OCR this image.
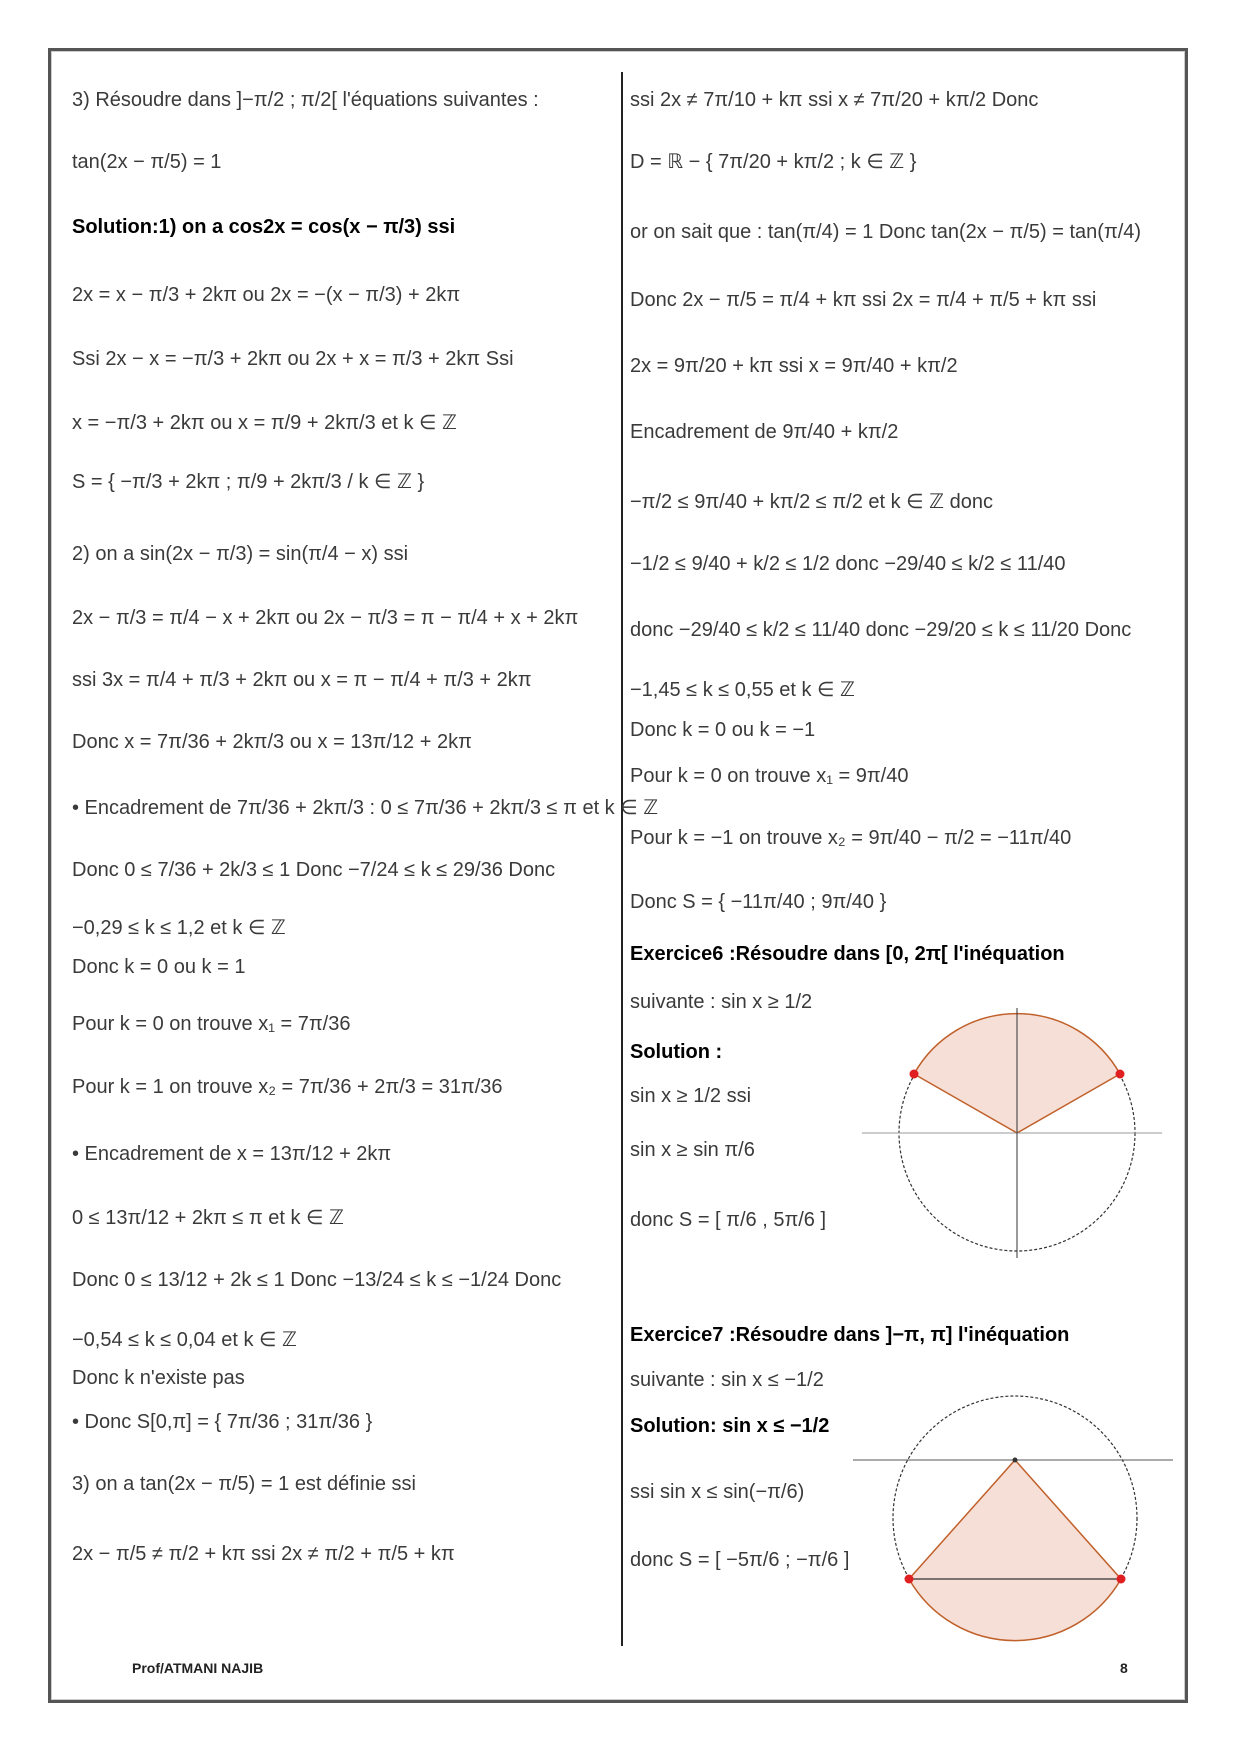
3) Résoudre dans ]−π/2 ; π/2[ l'équations suivantes :
tan(2x − π/5) = 1
Solution:1) on a cos2x = cos(x − π/3) ssi
2x = x − π/3 + 2kπ ou 2x = −(x − π/3) + 2kπ
Ssi 2x − x = −π/3 + 2kπ ou 2x + x = π/3 + 2kπ Ssi
x = −π/3 + 2kπ ou x = π/9 + 2kπ/3 et k ∈ ℤ
S = { −π/3 + 2kπ ; π/9 + 2kπ/3 / k ∈ ℤ }
2) on a sin(2x − π/3) = sin(π/4 − x) ssi
2x − π/3 = π/4 − x + 2kπ ou 2x − π/3 = π − π/4 + x + 2kπ
ssi 3x = π/4 + π/3 + 2kπ ou x = π − π/4 + π/3 + 2kπ
Donc x = 7π/36 + 2kπ/3 ou x = 13π/12 + 2kπ
• Encadrement de 7π/36 + 2kπ/3 : 0 ≤ 7π/36 + 2kπ/3 ≤ π et k ∈ ℤ
Donc 0 ≤ 7/36 + 2k/3 ≤ 1 Donc −7/24 ≤ k ≤ 29/36 Donc
−0,29 ≤ k ≤ 1,2 et k ∈ ℤ
Donc k = 0 ou k = 1
Pour k = 0 on trouve x₁ = 7π/36
Pour k = 1 on trouve x₂ = 7π/36 + 2π/3 = 31π/36
• Encadrement de x = 13π/12 + 2kπ
0 ≤ 13π/12 + 2kπ ≤ π et k ∈ ℤ
Donc 0 ≤ 13/12 + 2k ≤ 1 Donc −13/24 ≤ k ≤ −1/24 Donc
−0,54 ≤ k ≤ 0,04 et k ∈ ℤ
Donc k n'existe pas
• Donc S[0,π] = { 7π/36 ; 31π/36 }
3) on a tan(2x − π/5) = 1 est définie ssi
2x − π/5 ≠ π/2 + kπ ssi 2x ≠ π/2 + π/5 + kπ
ssi 2x ≠ 7π/10 + kπ ssi x ≠ 7π/20 + kπ/2 Donc
D = ℝ − { 7π/20 + kπ/2 ; k ∈ ℤ }
or on sait que : tan(π/4) = 1 Donc tan(2x − π/5) = tan(π/4)
Donc 2x − π/5 = π/4 + kπ ssi 2x = π/4 + π/5 + kπ ssi
2x = 9π/20 + kπ ssi x = 9π/40 + kπ/2
Encadrement de 9π/40 + kπ/2
−π/2 ≤ 9π/40 + kπ/2 ≤ π/2 et k ∈ ℤ donc
−1/2 ≤ 9/40 + k/2 ≤ 1/2 donc −29/40 ≤ k/2 ≤ 11/40
donc −29/40 ≤ k/2 ≤ 11/40 donc −29/20 ≤ k ≤ 11/20 Donc
−1,45 ≤ k ≤ 0,55 et k ∈ ℤ
Donc k = 0 ou k = −1
Pour k = 0 on trouve x₁ = 9π/40
Pour k = −1 on trouve x₂ = 9π/40 − π/2 = −11π/40
Donc S = { −11π/40 ; 9π/40 }
Exercice6 :Résoudre dans [0, 2π[ l'inéquation
suivante : sin x ≥ 1/2
Solution :
sin x ≥ 1/2 ssi
sin x ≥ sin π/6
donc S = [ π/6 , 5π/6 ]
Exercice7 :Résoudre dans ]−π, π] l'inéquation
suivante : sin x ≤ −1/2
Solution: sin x ≤ −1/2
ssi sin x ≤ sin(−π/6)
donc S = [ −5π/6 ; −π/6 ]
Prof/ATMANI NAJIB	8
